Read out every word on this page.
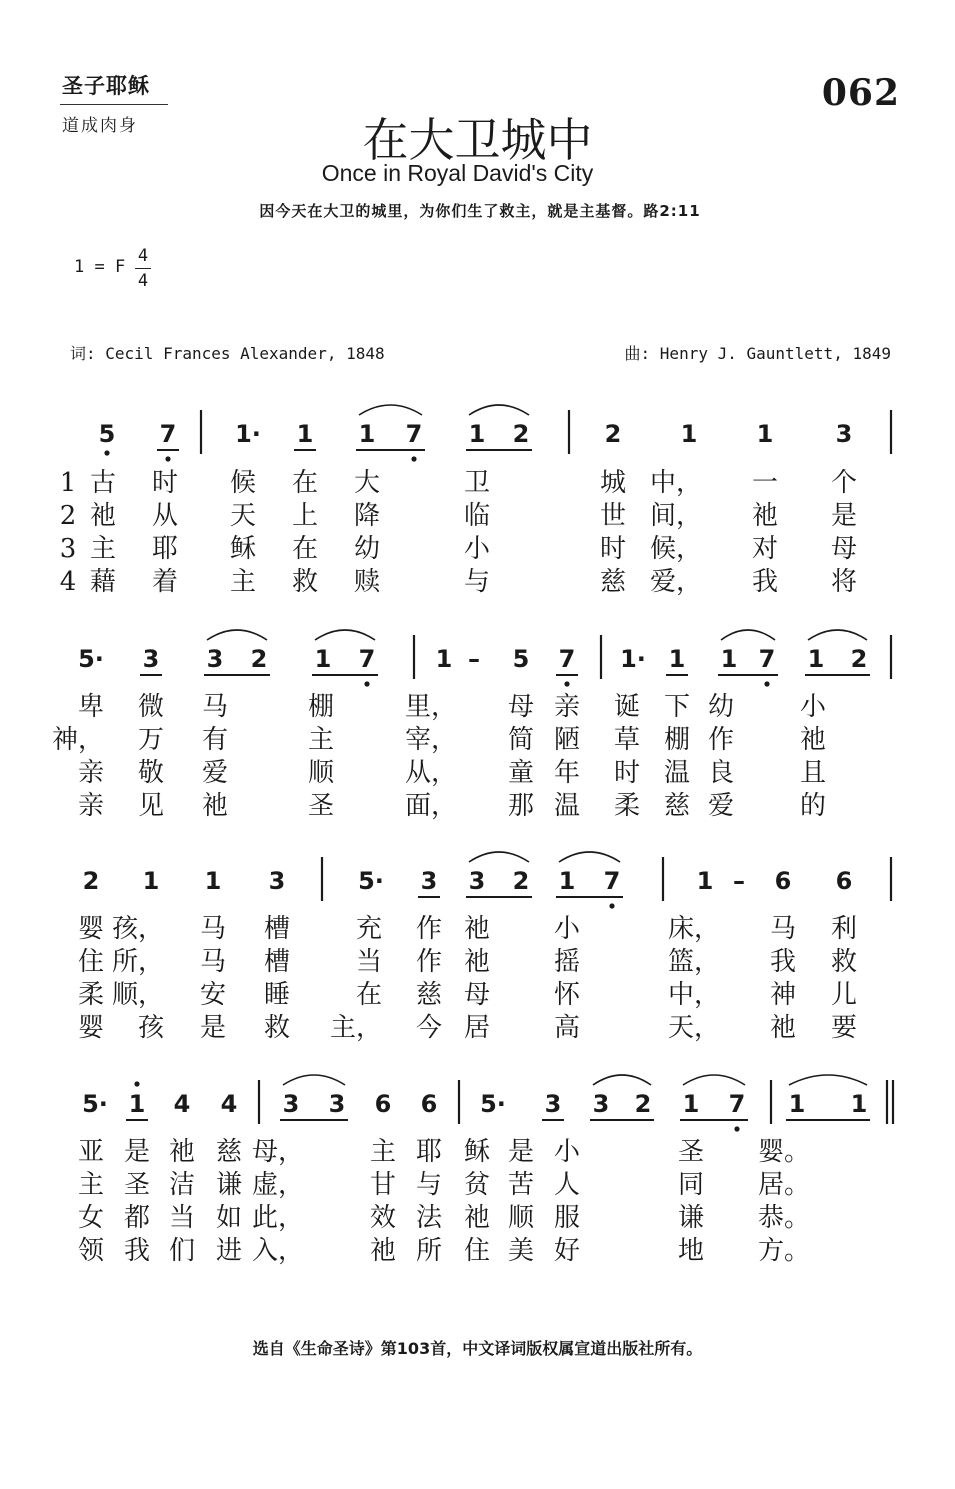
圣子耶稣
道成肉身
062
在大卫城中
Once in Royal David's City
因今天在大卫的城里，为你们生了救主，就是主基督。路2:11
1 = F
4
4
词: Cecil Frances Alexander, 1848	曲: Henry J. Gauntlett, 1849
5 7 1· 1 1 7 1 2	2 1 1	3
1 古 时 候 在 大	卫	城 中， 一 个
2 祂 从 天 上 降	临	世 间， 祂 是
3 主 耶 稣 在 幼	小	时 候， 对 母
4 藉 着 主 救 赎	与	慈 爱， 我 将
5· 3 3 2 1 7	1 – 5 7 1· 1 1 7 1 2
卑 微 马	棚	里， 母 亲 诞 下 幼	小
神， 万 有	主	宰， 简 陋 草 棚 作	祂
亲 敬 爱	顺	从， 童 年 时 温 良	且
亲 见 祂	圣	面， 那 温 柔 慈 爱	的
2 1 1 3	5· 3 3 2 1 7	1 – 6 6
婴 孩， 马 槽	充 作 祂 小	床， 马 利
住 所， 马 槽	当 作 祂 摇	篮， 我 救
柔 顺， 安 睡	在 慈 母 怀	中， 神 儿
婴 孩 是 救 主， 今 居 高	天， 祂 要
5· 1 4 4 3 3 6 6 5· 3 3 2 1 7 1 1
亚 是 祂 慈 母，	主 耶 稣 是 小	圣 婴。
主 圣 洁 谦 虚，	甘 与 贫 苦 人	同 居。
女 都 当 如 此，	效 法 祂 顺 服	谦 恭。
领 我 们 进 入，	祂 所 住 美 好	地 方。
选自《生命圣诗》第103首，中文译词版权属宣道出版社所有。
